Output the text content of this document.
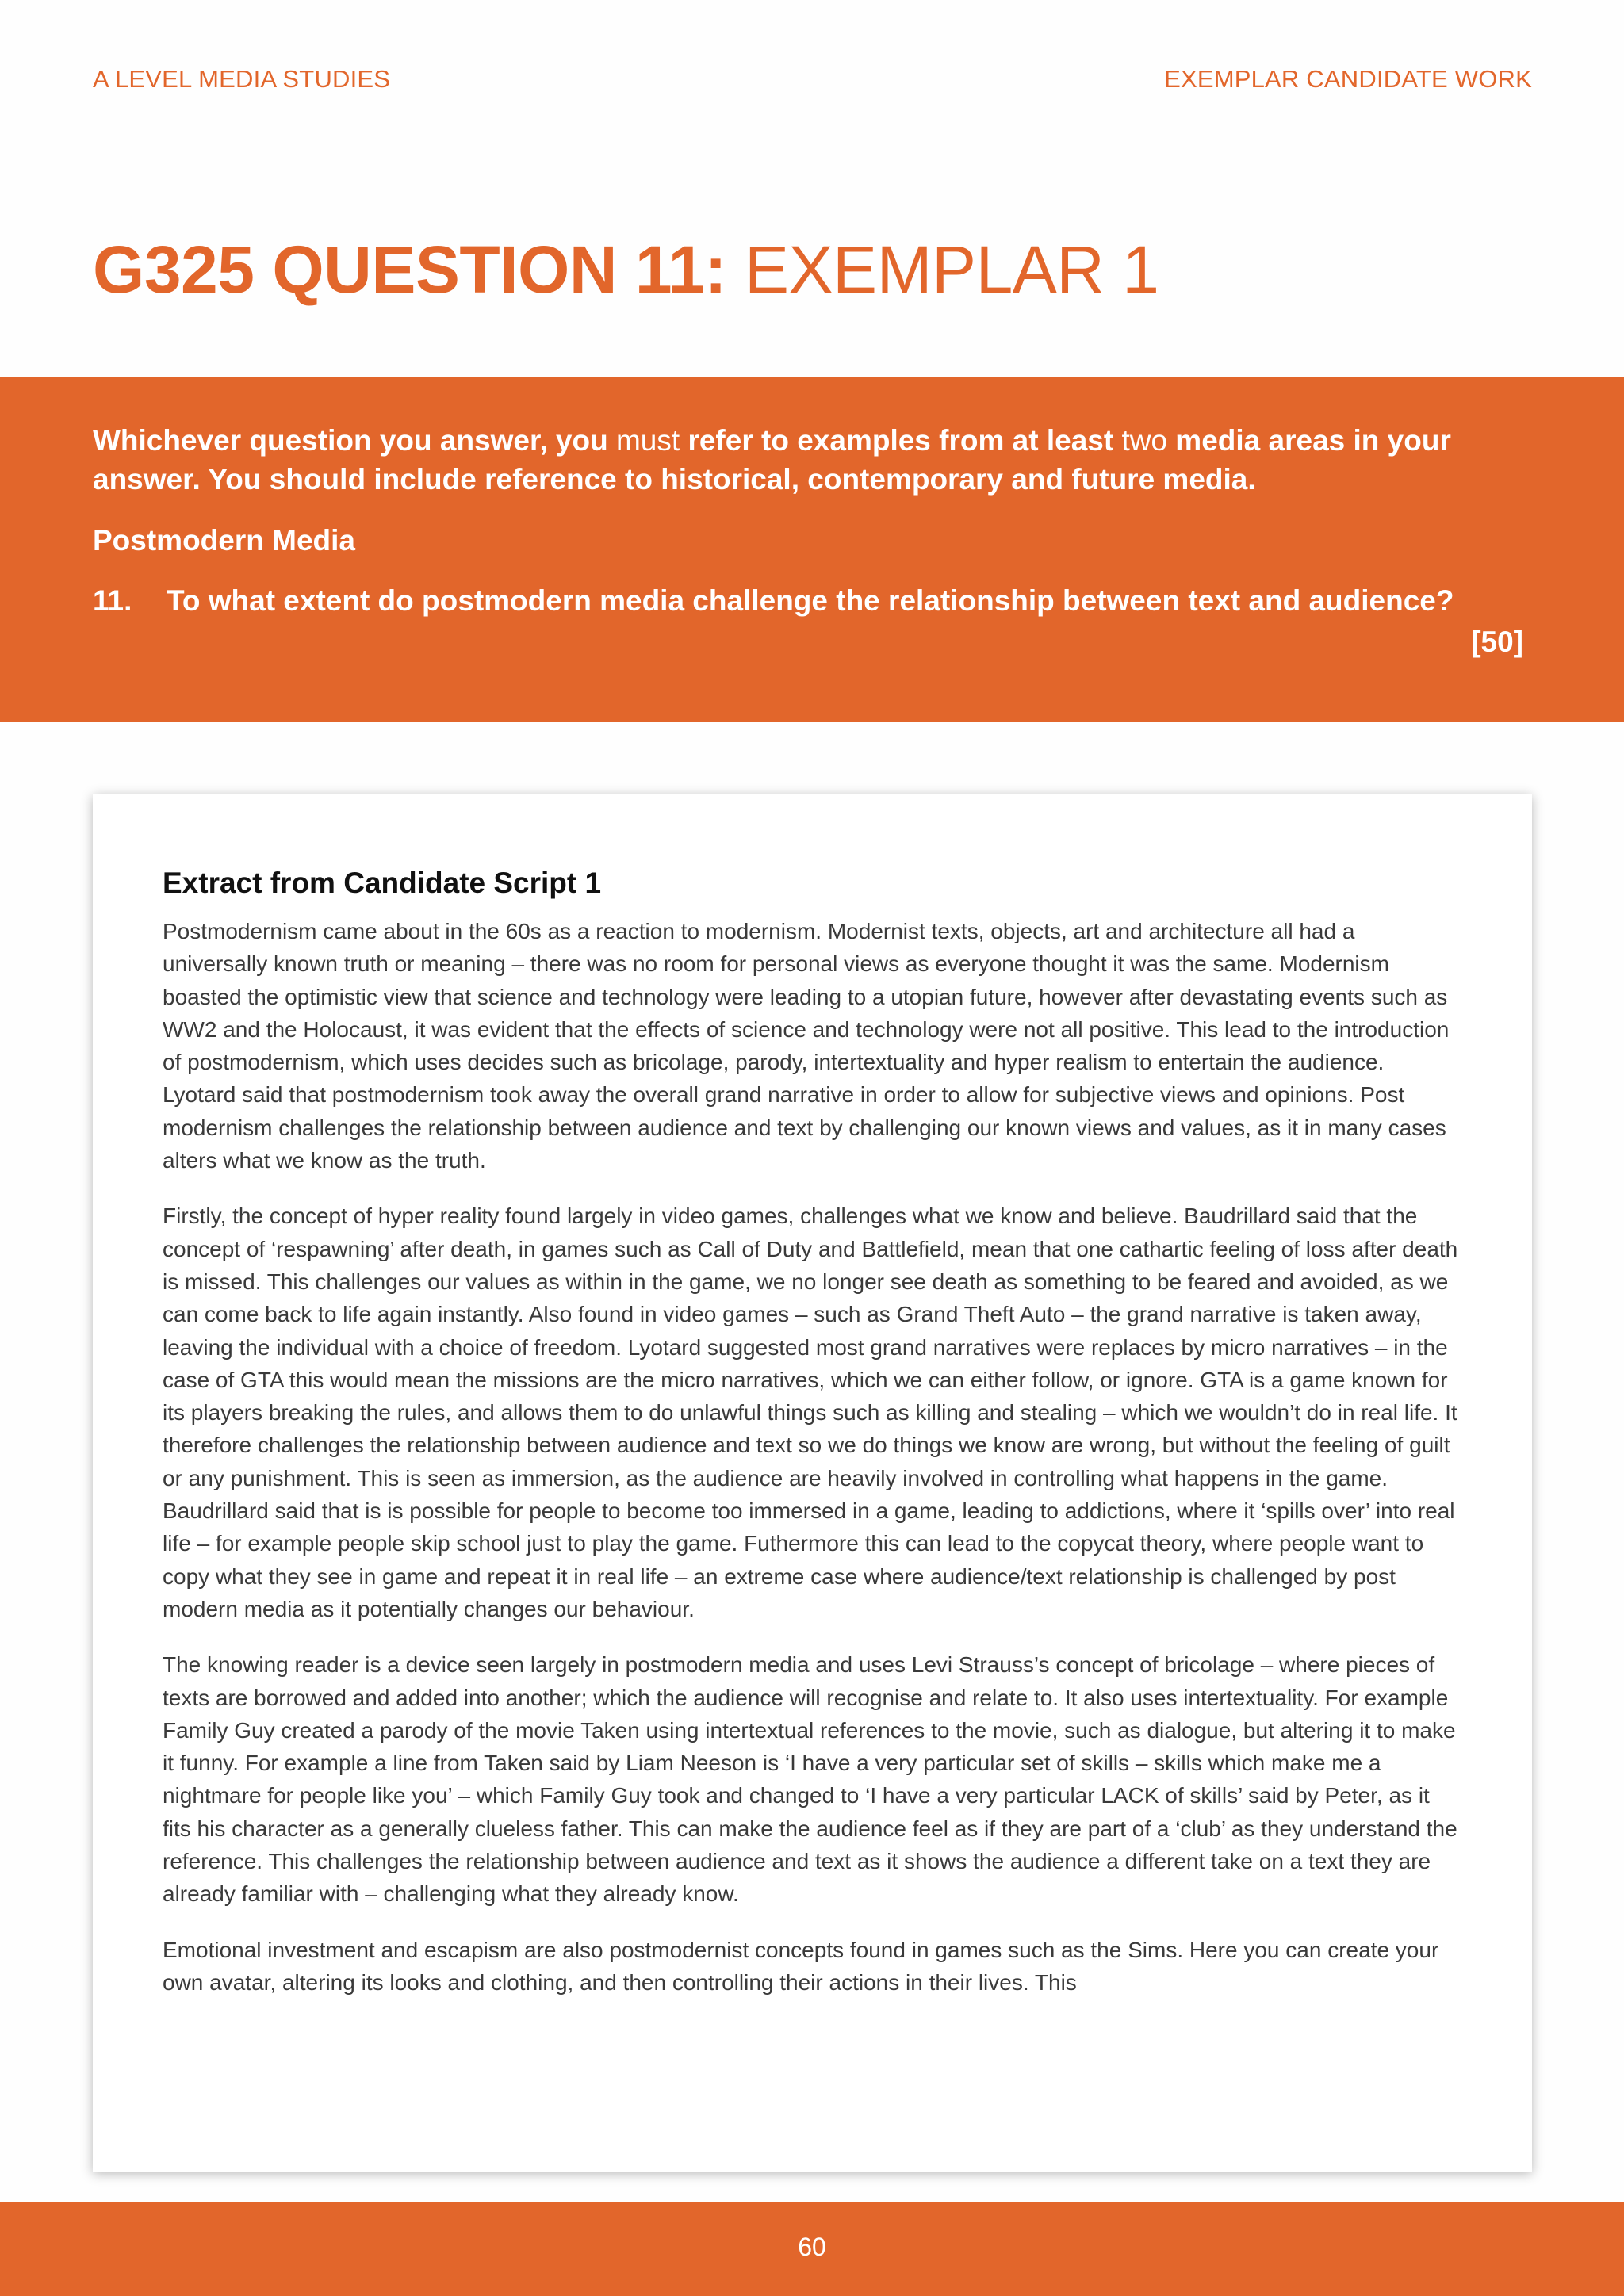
A LEVEL MEDIA STUDIES	EXEMPLAR CANDIDATE WORK
G325 QUESTION 11: EXEMPLAR 1
Whichever question you answer, you must refer to examples from at least two media areas in your answer. You should include reference to historical, contemporary and future media.
Postmodern Media
11. To what extent do postmodern media challenge the relationship between text and audience?
[50]
Extract from Candidate Script 1

Postmodernism came about in the 60s as a reaction to modernism. Modernist texts, objects, art and architecture all had a universally known truth or meaning – there was no room for personal views as everyone thought it was the same. Modernism boasted the optimistic view that science and technology were leading to a utopian future, however after devastating events such as WW2 and the Holocaust, it was evident that the effects of science and technology were not all positive. This lead to the introduction of postmodernism, which uses decides such as bricolage, parody, intertextuality and hyper realism to entertain the audience. Lyotard said that postmodernism took away the overall grand narrative in order to allow for subjective views and opinions. Post modernism challenges the relationship between audience and text by challenging our known views and values, as it in many cases alters what we know as the truth.

Firstly, the concept of hyper reality found largely in video games, challenges what we know and believe. Baudrillard said that the concept of ‘respawning’ after death, in games such as Call of Duty and Battlefield, mean that one cathartic feeling of loss after death is missed. This challenges our values as within in the game, we no longer see death as something to be feared and avoided, as we can come back to life again instantly. Also found in video games – such as Grand Theft Auto – the grand narrative is taken away, leaving the individual with a choice of freedom. Lyotard suggested most grand narratives were replaces by micro narratives – in the case of GTA this would mean the missions are the micro narratives, which we can either follow, or ignore. GTA is a game known for its players breaking the rules, and allows them to do unlawful things such as killing and stealing – which we wouldn’t do in real life. It therefore challenges the relationship between audience and text so we do things we know are wrong, but without the feeling of guilt or any punishment. This is seen as immersion, as the audience are heavily involved in controlling what happens in the game. Baudrillard said that is is possible for people to become too immersed in a game, leading to addictions, where it ‘spills over’ into real life – for example people skip school just to play the game. Futhermore this can lead to the copycat theory, where people want to copy what they see in game and repeat it in real life – an extreme case where audience/text relationship is challenged by post modern media as it potentially changes our behaviour.

The knowing reader is a device seen largely in postmodern media and uses Levi Strauss’s concept of bricolage – where pieces of texts are borrowed and added into another; which the audience will recognise and relate to. It also uses intertextuality. For example Family Guy created a parody of the movie Taken using intertextual references to the movie, such as dialogue, but altering it to make it funny. For example a line from Taken said by Liam Neeson is ‘I have a very particular set of skills – skills which make me a nightmare for people like you’ – which Family Guy took and changed to ‘I have a very particular LACK of skills’ said by Peter, as it fits his character as a generally clueless father. This can make the audience feel as if they are part of a ‘club’ as they understand the reference. This challenges the relationship between audience and text as it shows the audience a different take on a text they are already familiar with – challenging what they already know.

Emotional investment and escapism are also postmodernist concepts found in games such as the Sims. Here you can create your own avatar, altering its looks and clothing, and then controlling their actions in their lives. This

60
